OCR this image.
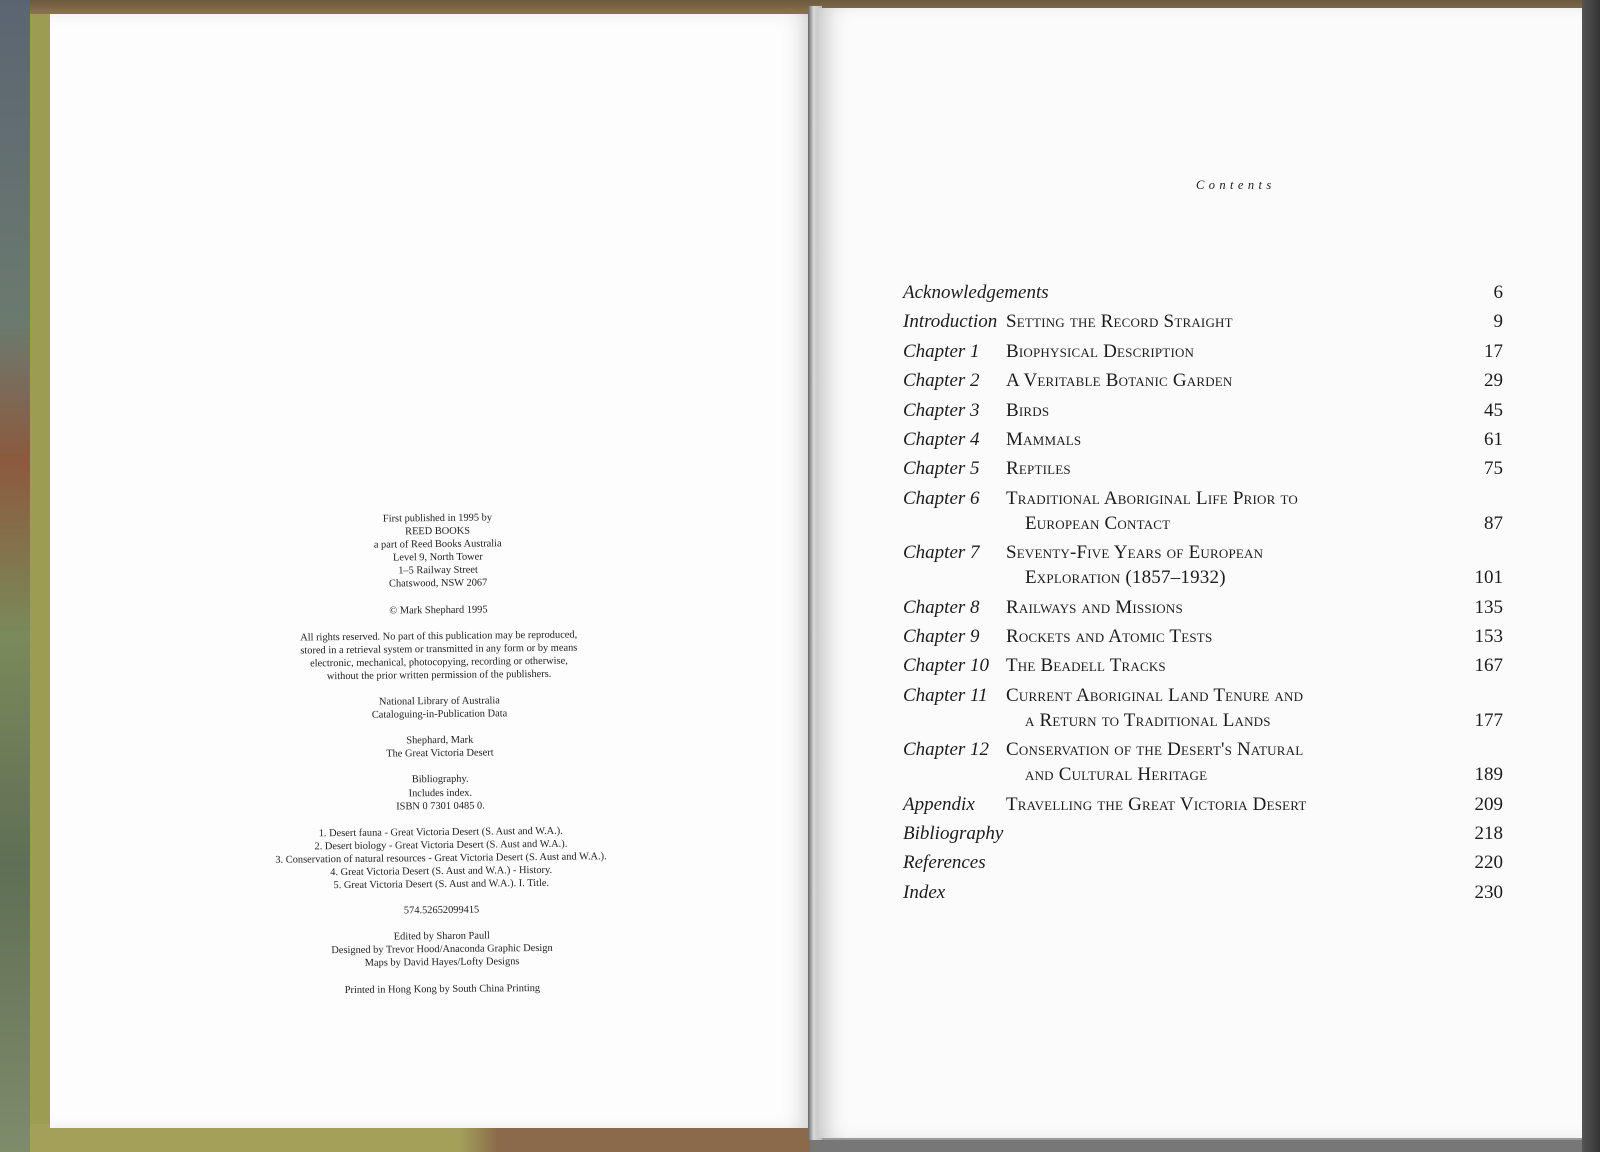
First published in 1995 by
REED BOOKS
a part of Reed Books Australia
Level 9, North Tower
1–5 Railway Street
Chatswood, NSW 2067
© Mark Shephard 1995
All rights reserved. No part of this publication may be reproduced,
stored in a retrieval system or transmitted in any form or by means
electronic, mechanical, photocopying, recording or otherwise,
without the prior written permission of the publishers.
National Library of Australia
Cataloguing-in-Publication Data
Shephard, Mark
The Great Victoria Desert
Bibliography.
Includes index.
ISBN 0 7301 0485 0.
1. Desert fauna - Great Victoria Desert (S. Aust and W.A.).
2. Desert biology - Great Victoria Desert (S. Aust and W.A.).
3. Conservation of natural resources - Great Victoria Desert (S. Aust and W.A.).
4. Great Victoria Desert (S. Aust and W.A.) - History.
5. Great Victoria Desert (S. Aust and W.A.). I. Title.
574.52652099415
Edited by Sharon Paull
Designed by Trevor Hood/Anaconda Graphic Design
Maps by David Hayes/Lofty Designs
Printed in Hong Kong by South China Printing
Contents
Acknowledgements	6
Introduction Setting the Record Straight	9
Chapter 1 Biophysical Description	17
Chapter 2 A Veritable Botanic Garden	29
Chapter 3 Birds	45
Chapter 4 Mammals	61
Chapter 5 Reptiles	75
Chapter 6 Traditional Aboriginal Life Prior to
European Contact	87
Chapter 7 Seventy-Five Years of European
Exploration (1857–1932)	101
Chapter 8 Railways and Missions	135
Chapter 9 Rockets and Atomic Tests	153
Chapter 10 The Beadell Tracks	167
Chapter 11 Current Aboriginal Land Tenure and
a Return to Traditional Lands	177
Chapter 12 Conservation of the Desert's Natural
and Cultural Heritage	189
Appendix Travelling the Great Victoria Desert	209
Bibliography	218
References	220
Index	230
